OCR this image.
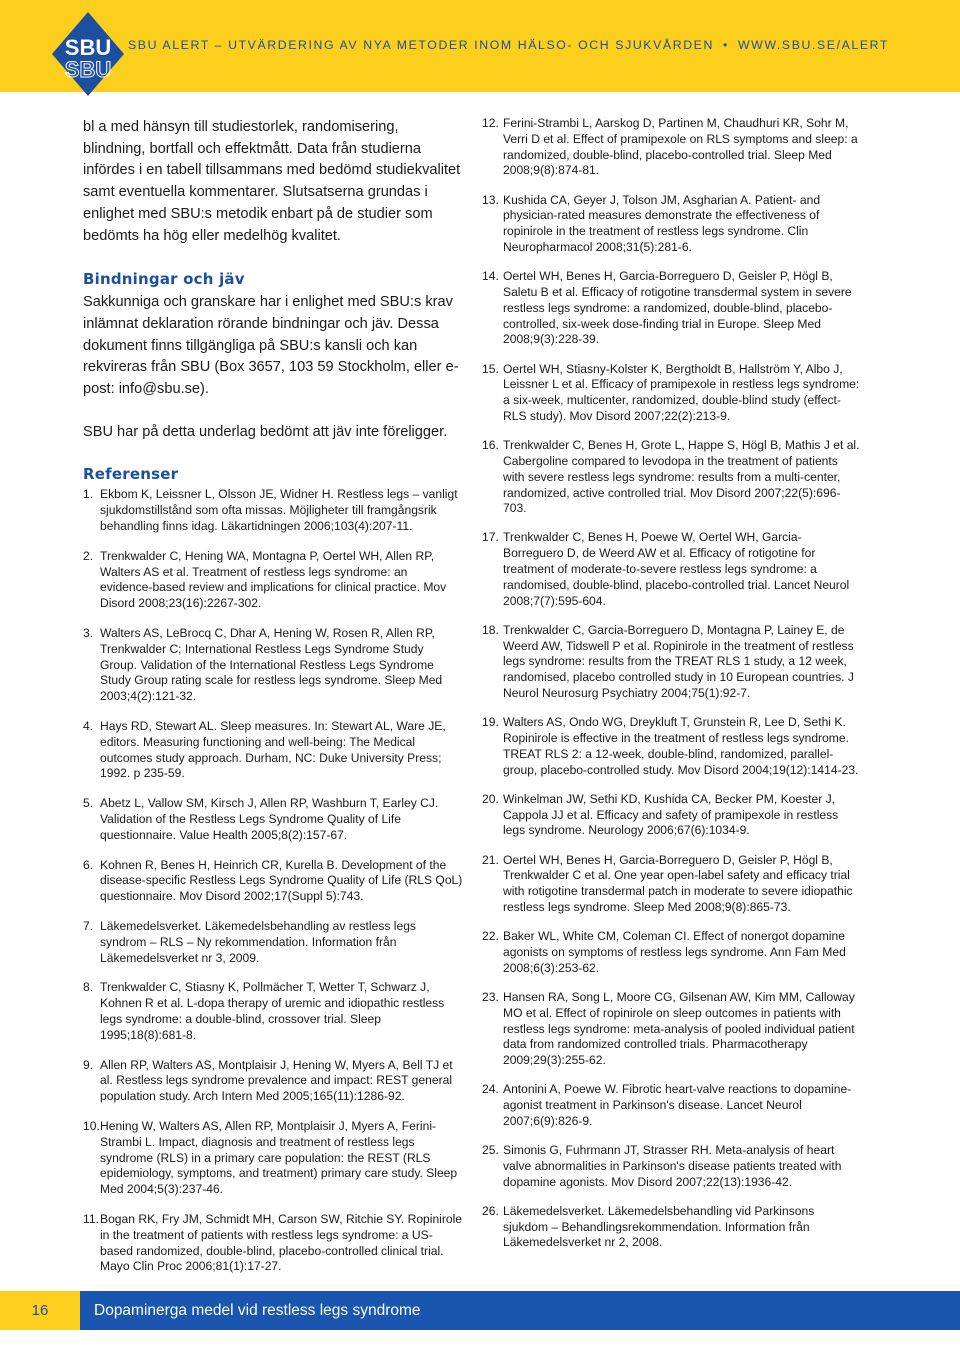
SBU
SBU
SBU ALERT – UTVÄRDERING AV NYA METODER INOM HÄLSO- OCH SJUKVÅRDEN • WWW.SBU.SE/ALERT

bl a med hänsyn till studiestorlek, randomisering, blindning, bortfall och effektmått. Data från studierna infördes i en tabell tillsammans med bedömd studiekvalitet samt eventuella kommentarer. Slutsatserna grundas i enlighet med SBU:s metodik enbart på de studier som bedömts ha hög eller medelhög kvalitet.

Bindningar och jäv

Sakkunniga och granskare har i enlighet med SBU:s krav inlämnat deklaration rörande bindningar och jäv. Dessa dokument finns tillgängliga på SBU:s kansli och kan rekvireras från SBU (Box 3657, 103 59 Stockholm, eller e-post: info@sbu.se).

SBU har på detta underlag bedömt att jäv inte föreligger.

Referenser
1. Ekbom K, Leissner L, Olsson JE, Widner H. Restless legs – vanligt sjukdomstillstånd som ofta missas. Möjligheter till framgångsrik behandling finns idag. Läkartidningen 2006;103(4):207-11.
2. Trenkwalder C, Hening WA, Montagna P, Oertel WH, Allen RP, Walters AS et al. Treatment of restless legs syndrome: an evidence-based review and implications for clinical practice. Mov Disord 2008;23(16):2267-302.
3. Walters AS, LeBrocq C, Dhar A, Hening W, Rosen R, Allen RP, Trenkwalder C; International Restless Legs Syndrome Study Group. Validation of the International Restless Legs Syndrome Study Group rating scale for restless legs syndrome. Sleep Med 2003;4(2):121-32.
4. Hays RD, Stewart AL. Sleep measures. In: Stewart AL, Ware JE, editors. Measuring functioning and well-being: The Medical outcomes study approach. Durham, NC: Duke University Press; 1992. p 235-59.
5. Abetz L, Vallow SM, Kirsch J, Allen RP, Washburn T, Earley CJ. Validation of the Restless Legs Syndrome Quality of Life questionnaire. Value Health 2005;8(2):157-67.
6. Kohnen R, Benes H, Heinrich CR, Kurella B. Development of the disease-specific Restless Legs Syndrome Quality of Life (RLS QoL) questionnaire. Mov Disord 2002;17(Suppl 5):743.
7. Läkemedelsverket. Läkemedelsbehandling av restless legs syndrom – RLS – Ny rekommendation. Information från Läkemedelsverket nr 3, 2009.
8. Trenkwalder C, Stiasny K, Pollmächer T, Wetter T, Schwarz J, Kohnen R et al. L-dopa therapy of uremic and idiopathic restless legs syndrome: a double-blind, crossover trial. Sleep 1995;18(8):681-8.
9. Allen RP, Walters AS, Montplaisir J, Hening W, Myers A, Bell TJ et al. Restless legs syndrome prevalence and impact: REST general population study. Arch Intern Med 2005;165(11):1286-92.
10. Hening W, Walters AS, Allen RP, Montplaisir J, Myers A, Ferini-Strambi L. Impact, diagnosis and treatment of restless legs syndrome (RLS) in a primary care population: the REST (RLS epidemiology, symptoms, and treatment) primary care study. Sleep Med 2004;5(3):237-46.
11. Bogan RK, Fry JM, Schmidt MH, Carson SW, Ritchie SY. Ropinirole in the treatment of patients with restless legs syndrome: a US-based randomized, double-blind, placebo-controlled clinical trial. Mayo Clin Proc 2006;81(1):17-27.
12. Ferini-Strambi L, Aarskog D, Partinen M, Chaudhuri KR, Sohr M, Verri D et al. Effect of pramipexole on RLS symptoms and sleep: a randomized, double-blind, placebo-controlled trial. Sleep Med 2008;9(8):874-81.
13. Kushida CA, Geyer J, Tolson JM, Asgharian A. Patient- and physician-rated measures demonstrate the effectiveness of ropinirole in the treatment of restless legs syndrome. Clin Neuropharmacol 2008;31(5):281-6.
14. Oertel WH, Benes H, Garcia-Borreguero D, Geisler P, Högl B, Saletu B et al. Efficacy of rotigotine transdermal system in severe restless legs syndrome: a randomized, double-blind, placebo-controlled, six-week dose-finding trial in Europe. Sleep Med 2008;9(3):228-39.
15. Oertel WH, Stiasny-Kolster K, Bergtholdt B, Hallström Y, Albo J, Leissner L et al. Efficacy of pramipexole in restless legs syndrome: a six-week, multicenter, randomized, double-blind study (effect-RLS study). Mov Disord 2007;22(2):213-9.
16. Trenkwalder C, Benes H, Grote L, Happe S, Högl B, Mathis J et al. Cabergoline compared to levodopa in the treatment of patients with severe restless legs syndrome: results from a multi-center, randomized, active controlled trial. Mov Disord 2007;22(5):696-703.
17. Trenkwalder C, Benes H, Poewe W, Oertel WH, Garcia-Borreguero D, de Weerd AW et al. Efficacy of rotigotine for treatment of moderate-to-severe restless legs syndrome: a randomised, double-blind, placebo-controlled trial. Lancet Neurol 2008;7(7):595-604.
18. Trenkwalder C, Garcia-Borreguero D, Montagna P, Lainey E, de Weerd AW, Tidswell P et al. Ropinirole in the treatment of restless legs syndrome: results from the TREAT RLS 1 study, a 12 week, randomised, placebo controlled study in 10 European countries. J Neurol Neurosurg Psychiatry 2004;75(1):92-7.
19. Walters AS, Ondo WG, Dreykluft T, Grunstein R, Lee D, Sethi K. Ropinirole is effective in the treatment of restless legs syndrome. TREAT RLS 2: a 12-week, double-blind, randomized, parallel-group, placebo-controlled study. Mov Disord 2004;19(12):1414-23.
20. Winkelman JW, Sethi KD, Kushida CA, Becker PM, Koester J, Cappola JJ et al. Efficacy and safety of pramipexole in restless legs syndrome. Neurology 2006;67(6):1034-9.
21. Oertel WH, Benes H, Garcia-Borreguero D, Geisler P, Högl B, Trenkwalder C et al. One year open-label safety and efficacy trial with rotigotine transdermal patch in moderate to severe idiopathic restless legs syndrome. Sleep Med 2008;9(8):865-73.
22. Baker WL, White CM, Coleman CI. Effect of nonergot dopamine agonists on symptoms of restless legs syndrome. Ann Fam Med 2008;6(3):253-62.
23. Hansen RA, Song L, Moore CG, Gilsenan AW, Kim MM, Calloway MO et al. Effect of ropinirole on sleep outcomes in patients with restless legs syndrome: meta-analysis of pooled individual patient data from randomized controlled trials. Pharmacotherapy 2009;29(3):255-62.
24. Antonini A, Poewe W. Fibrotic heart-valve reactions to dopamine-agonist treatment in Parkinson's disease. Lancet Neurol 2007;6(9):826-9.
25. Simonis G, Fuhrmann JT, Strasser RH. Meta-analysis of heart valve abnormalities in Parkinson's disease patients treated with dopamine agonists. Mov Disord 2007;22(13):1936-42.
26. Läkemedelsverket. Läkemedelsbehandling vid Parkinsons sjukdom – Behandlingsrekommendation. Information från Läkemedelsverket nr 2, 2008.
16	Dopaminerga medel vid restless legs syndrome
